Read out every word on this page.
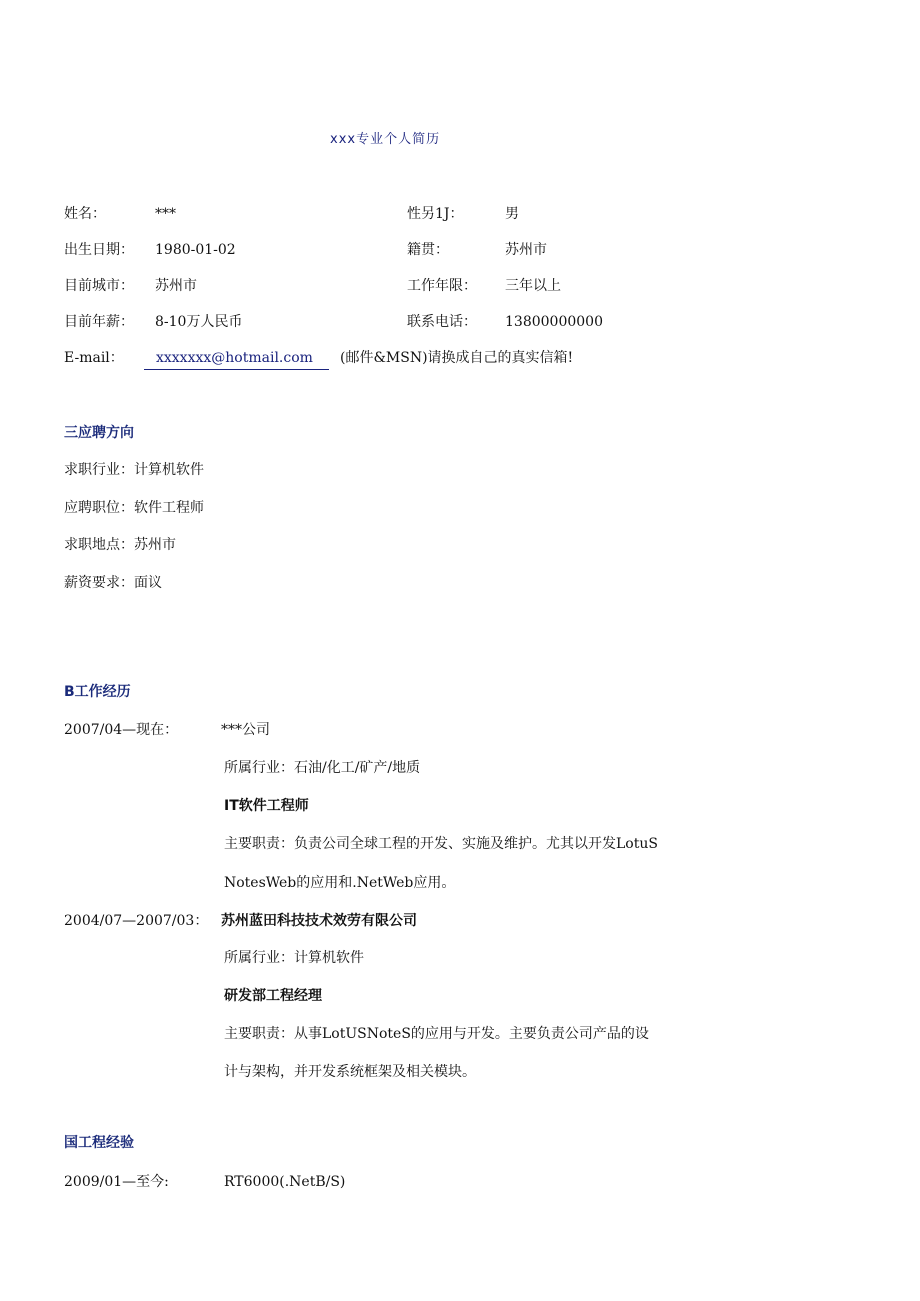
xxx专业个人简历
姓名：	***	性另1J：	男
出生日期： 1980-01-02	籍贯：	苏州市
目前城市： 苏州市	工作年限： 三年以上
目前年薪： 8-10万人民币	联系电话： 13800000000
E-mail：	xxxxxxx@hotmail.com	(邮件&MSN)请换成自己的真实信箱!
三应聘方向
求职行业：计算机软件
应聘职位：软件工程师
求职地点：苏州市
薪资要求：面议
B工作经历
2007/04—现在：	***公司
所属行业：石油/化工/矿产/地质
IT软件工程师
主要职责：负责公司全球工程的开发、实施及维护。尤其以开发LotuS
NotesWeb的应用和.NetWeb应用。
2004/07—2007/03： 苏州蓝田科技技术效劳有限公司
所属行业：计算机软件
研发部工程经理
主要职责：从事LotUSNoteS的应用与开发。主要负责公司产品的设
计与架构，并开发系统框架及相关模块。
国工程经验
2009/01—至今:	RT6000(.NetB/S)
